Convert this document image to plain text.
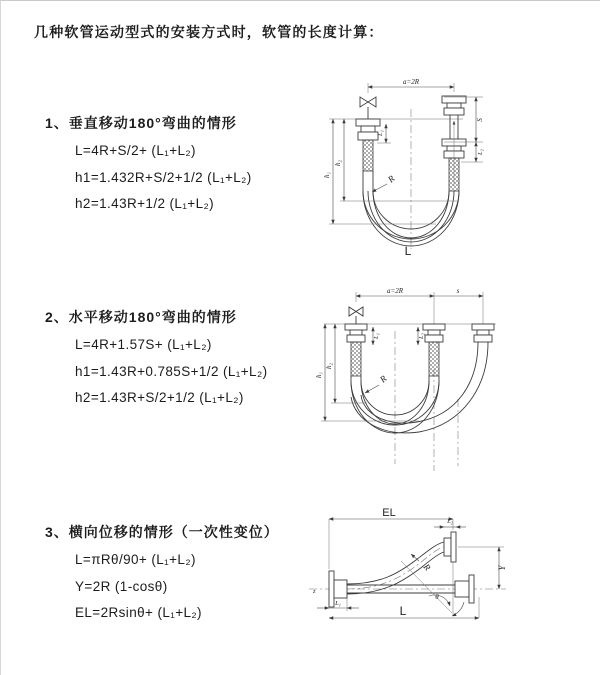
几种软管运动型式的安装方式时，软管的长度计算：
1、垂直移动180°弯曲的情形
L=4R+S/2+ (L₁+L₂)
h1=1.432R+S/2+1/2 (L₁+L₂)
h2=1.43R+1/2 (L₁+L₂)
2、水平移动180°弯曲的情形
L=4R+1.57S+ (L₁+L₂)
h1=1.43R+0.785S+1/2 (L₁+L₂)
h2=1.43R+S/2+1/2 (L₁+L₂)
3、横向位移的情形（一次性变位）
L=πRθ/90+ (L₁+L₂)
Y=2R (1-cosθ)
EL=2Rsinθ+ (L₁+L₂)
a=2R
R
h₁
h₂
L₁
S
L₂
L
a=2R	s
R
h₁
h₂
L₁	L₂
z
EL
L₂
Y
θ
R
L₁
L
